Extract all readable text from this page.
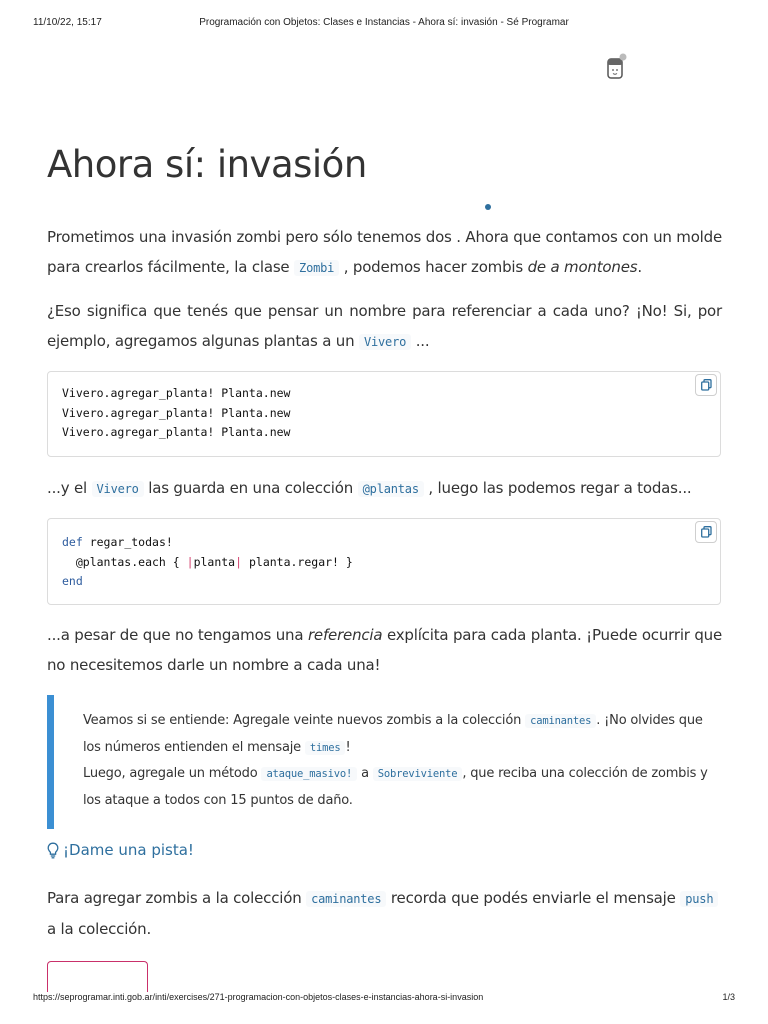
11/10/22, 15:17	Programación con Objetos: Clases e Instancias - Ahora sí: invasión - Sé Programar
Ahora sí: invasión

Prometimos una invasión zombi pero sólo tenemos dos . Ahora que contamos con un molde para crearlos fácilmente, la clase Zombi , podemos hacer zombis de a montones.

¿Eso significa que tenés que pensar un nombre para referenciar a cada uno? ¡No! Si, por ejemplo, agregamos algunas plantas a un Vivero ...

Vivero.agregar_planta! Planta.new
Vivero.agregar_planta! Planta.new
Vivero.agregar_planta! Planta.new

...y el Vivero las guarda en una colección @plantas , luego las podemos regar a todas...

def regar_todas!
@plantas.each { |planta| planta.regar! }
end

...a pesar de que no tengamos una referencia explícita para cada planta. ¡Puede ocurrir que no necesitemos darle un nombre a cada una!

Veamos si se entiende: Agregale veinte nuevos zombis a la colección caminantes . ¡No olvides que los números entienden el mensaje times !

Luego, agregale un método ataque_masivo! a Sobreviviente , que reciba una colección de zombis y los ataque a todos con 15 puntos de daño.

¡Dame una pista!

Para agregar zombis a la colección caminantes recorda que podés enviarle el mensaje push a la colección.

https://seprogramar.inti.gob.ar/inti/exercises/271-programacion-con-objetos-clases-e-instancias-ahora-si-invasion	1/3
